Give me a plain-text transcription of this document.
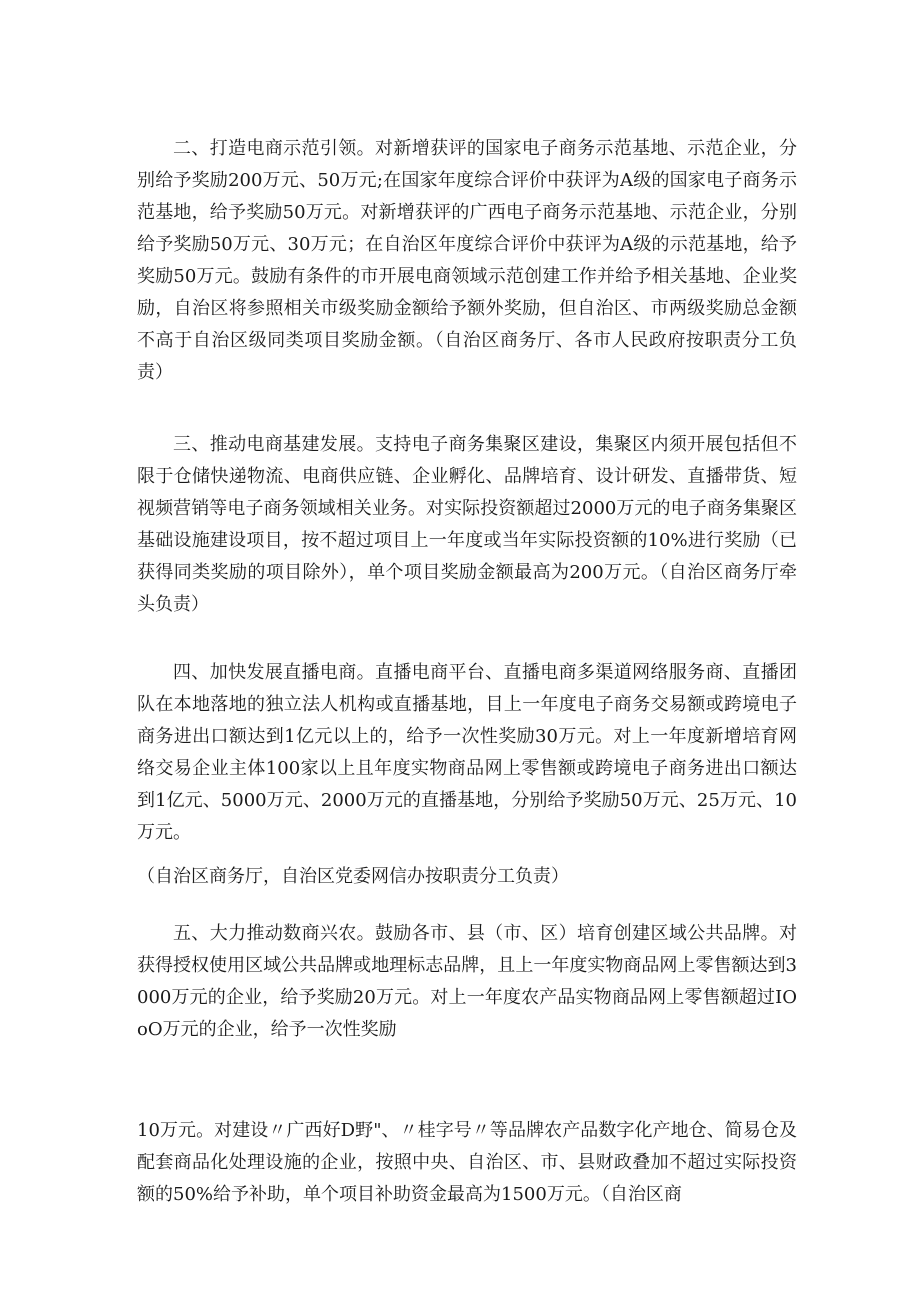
二、打造电商示范引领。对新增获评的国家电子商务示范基地、示范企业，分别给予奖励200万元、50万元;在国家年度综合评价中获评为A级的国家电子商务示范基地，给予奖励50万元。对新增获评的广西电子商务示范基地、示范企业，分别给予奖励50万元、30万元；在自治区年度综合评价中获评为A级的示范基地，给予奖励50万元。鼓励有条件的市开展电商领域示范创建工作并给予相关基地、企业奖励，自治区将参照相关市级奖励金额给予额外奖励，但自治区、市两级奖励总金额不高于自治区级同类项目奖励金额。（自治区商务厅、各市人民政府按职责分工负责）

三、推动电商基建发展。支持电子商务集聚区建设，集聚区内须开展包括但不限于仓储快递物流、电商供应链、企业孵化、品牌培育、设计研发、直播带货、短视频营销等电子商务领域相关业务。对实际投资额超过2000万元的电子商务集聚区基础设施建设项目，按不超过项目上一年度或当年实际投资额的10%进行奖励（已获得同类奖励的项目除外），单个项目奖励金额最高为200万元。（自治区商务厅牵头负责）

四、加快发展直播电商。直播电商平台、直播电商多渠道网络服务商、直播团队在本地落地的独立法人机构或直播基地，目上一年度电子商务交易额或跨境电子商务进出口额达到1亿元以上的，给予一次性奖励30万元。对上一年度新增培育网络交易企业主体100家以上且年度实物商品网上零售额或跨境电子商务进出口额达到1亿元、5000万元、2000万元的直播基地，分别给予奖励50万元、25万元、10万元。

（自治区商务厅，自治区党委网信办按职责分工负责）

五、大力推动数商兴农。鼓励各市、县（市、区）培育创建区域公共品牌。对获得授权使用区域公共品牌或地理标志品牌，且上一年度实物商品网上零售额达到3000万元的企业，给予奖励20万元。对上一年度农产品实物商品网上零售额超过IOoO万元的企业，给予一次性奖励

10万元。对建设〃广西好D野"、〃桂字号〃等品牌农产品数字化产地仓、简易仓及配套商品化处理设施的企业，按照中央、自治区、市、县财政叠加不超过实际投资额的50%给予补助，单个项目补助资金最高为1500万元。（自治区商
